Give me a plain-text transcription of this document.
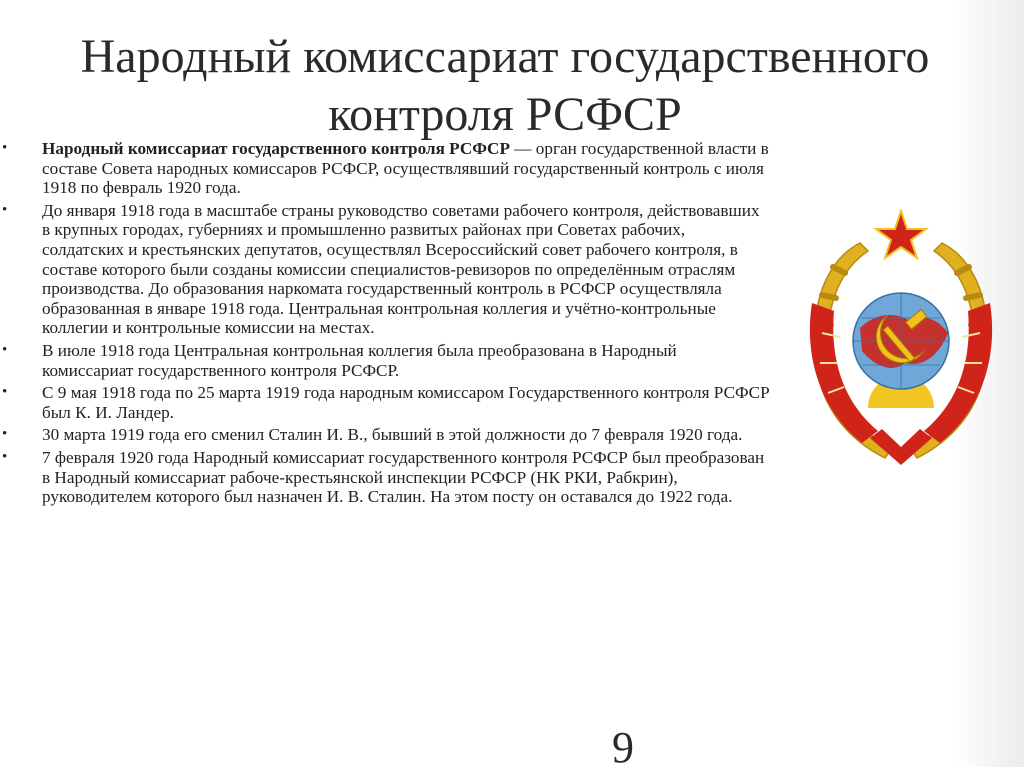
Народный комиссариат государственного контроля РСФСР
• Народный комиссариат государственного контроля РСФСР — орган государственной власти в составе Совета народных комиссаров РСФСР, осуществлявший государственный контроль с июля 1918 по февраль 1920 года.
• До января 1918 года в масштабе страны руководство советами рабочего контроля, действовавших в крупных городах, губерниях и промышленно развитых районах при Советах рабочих, солдатских и крестьянских депутатов, осуществлял Всероссийский совет рабочего контроля, в составе которого были созданы комиссии специалистов-ревизоров по определённым отраслям производства. До образования наркомата государственный контроль в РСФСР осуществляла образованная в январе 1918 года. Центральная контрольная коллегия и учётно-контрольные коллегии и контрольные комиссии на местах.
• В июле 1918 года Центральная контрольная коллегия была преобразована в Народный комиссариат государственного контроля РСФСР.
• С 9 мая 1918 года по 25 марта 1919 года народным комиссаром Государственного контроля РСФСР был К. И. Ландер.
• 30 марта 1919 года его сменил Сталин И. В., бывший в этой должности до 7 февраля 1920 года.
• 7 февраля 1920 года Народный комиссариат государственного контроля РСФСР был преобразован в Народный комиссариат рабоче-крестьянской инспекции РСФСР (НК РКИ, Рабкрин), руководителем которого был назначен И. В. Сталин. На этом посту он оставался до 1922 года.
9
